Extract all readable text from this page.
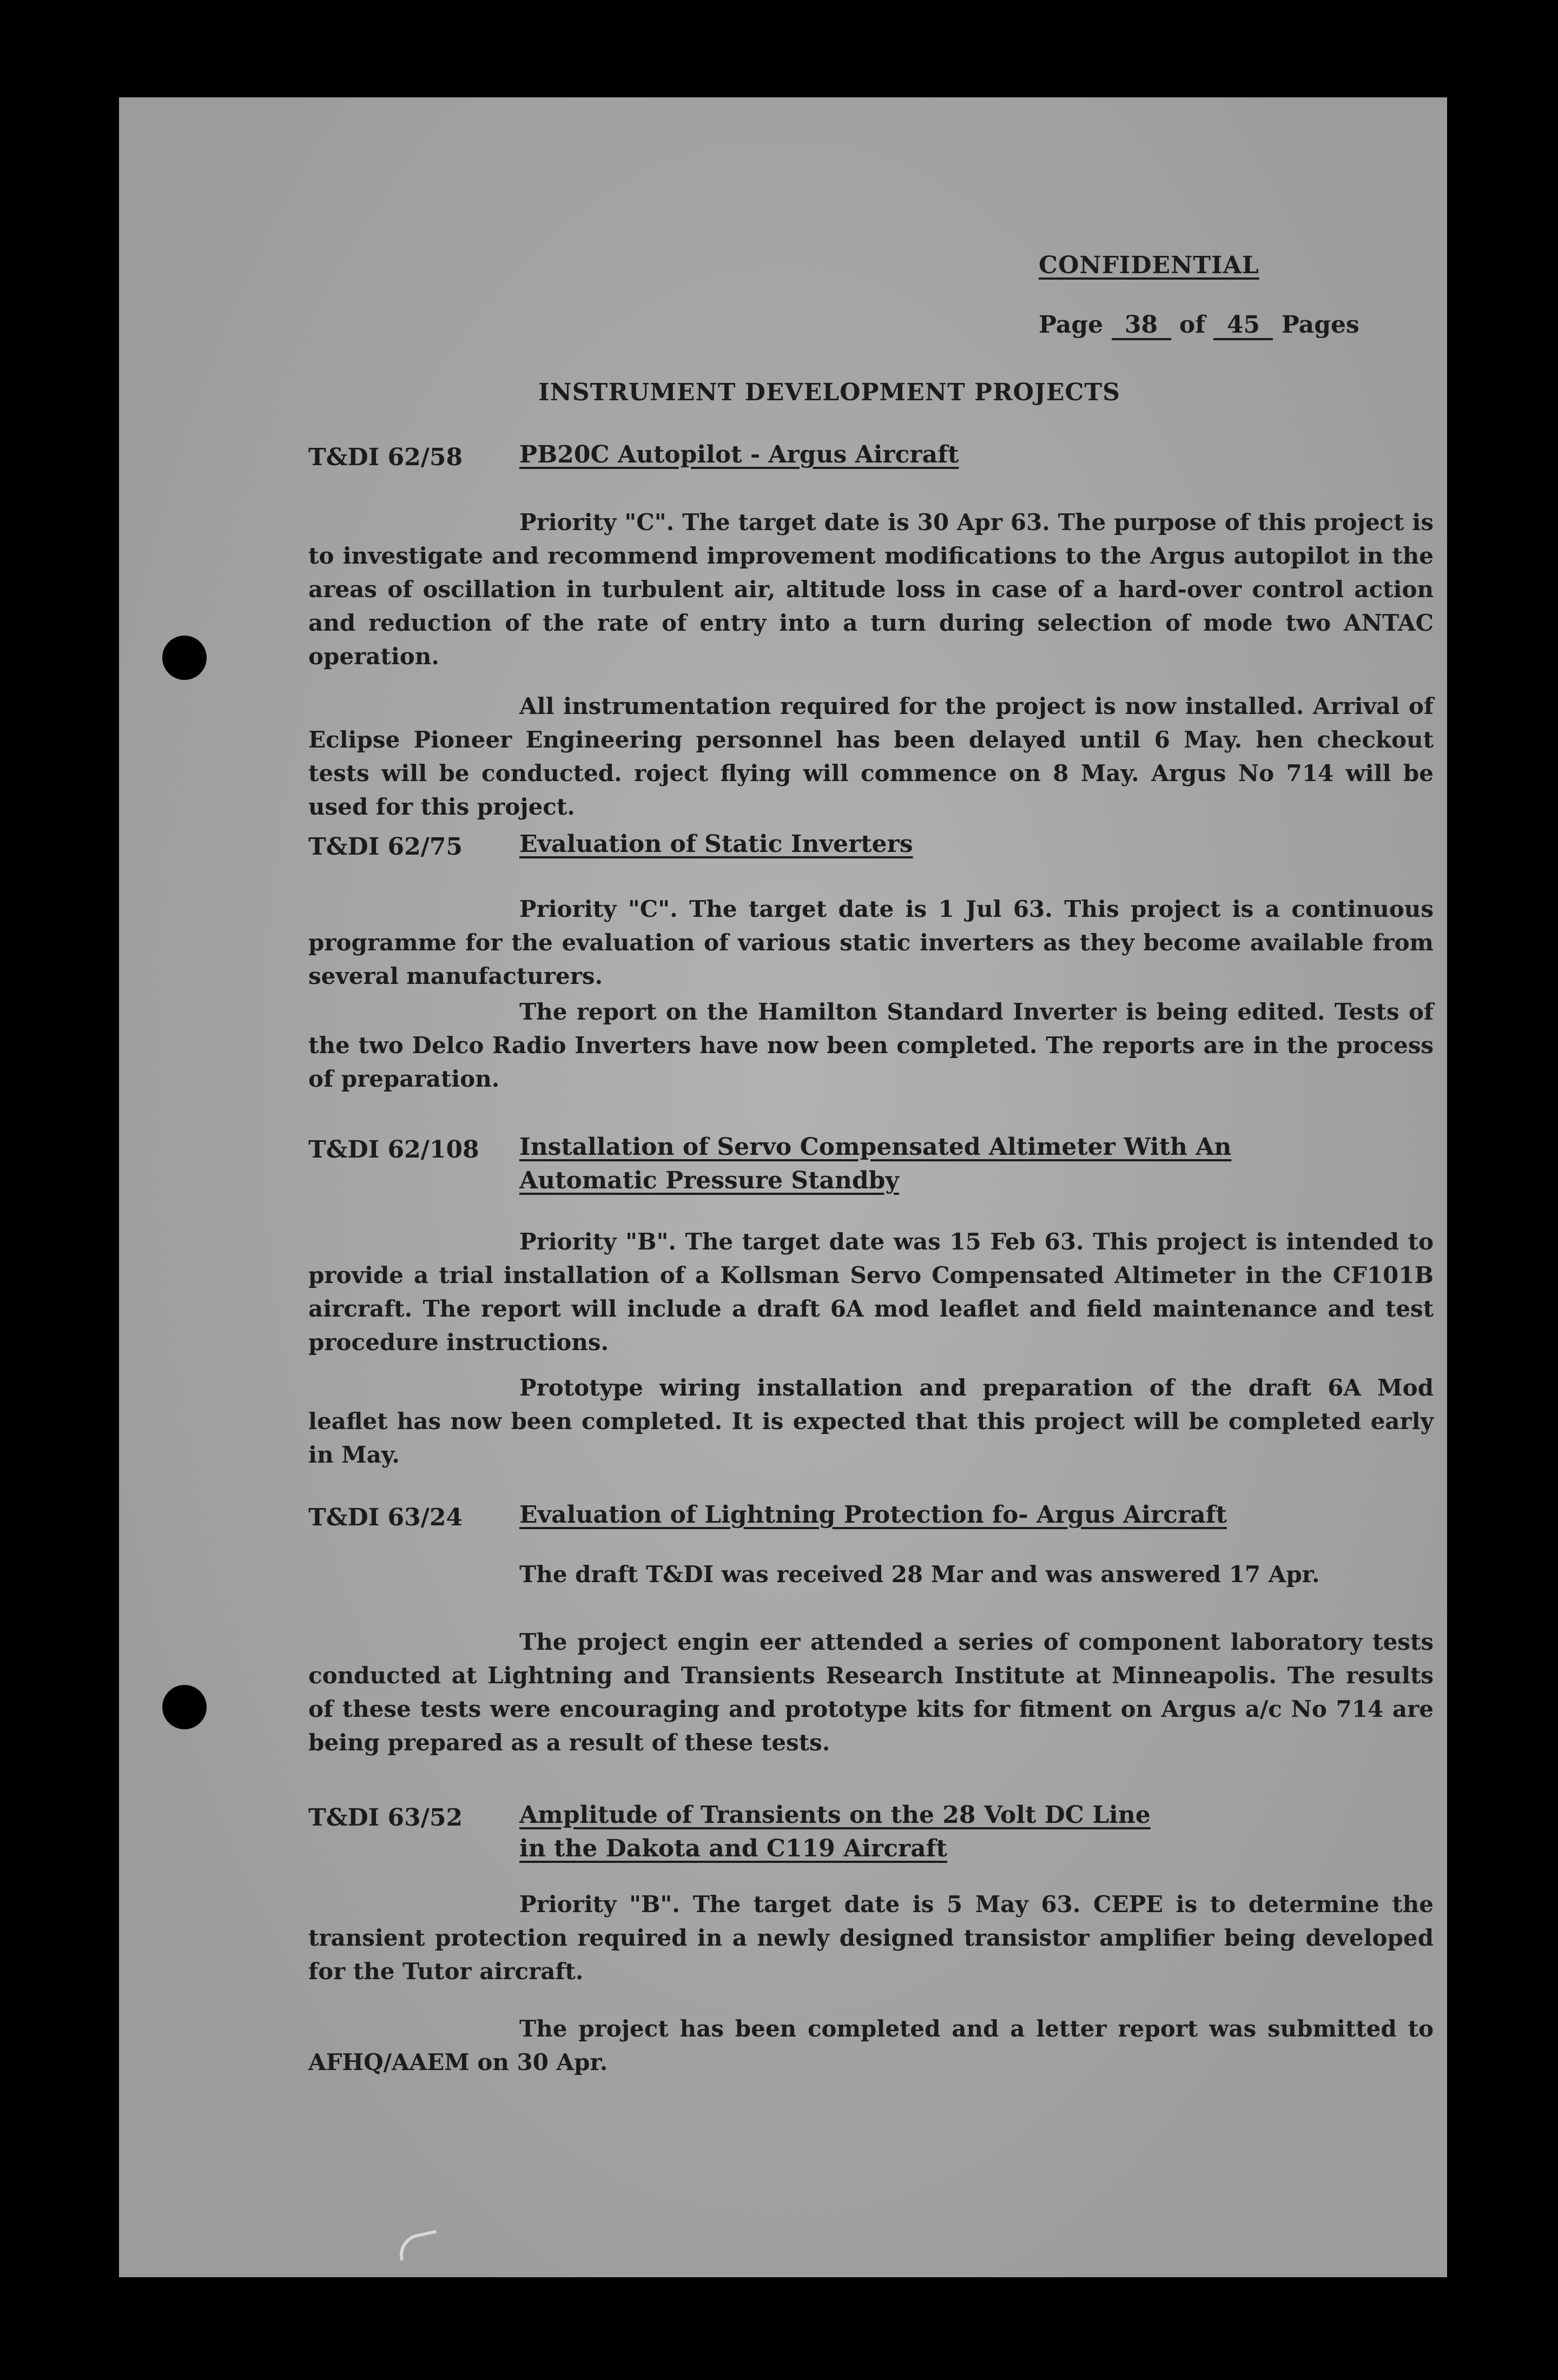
CONFIDENTIAL
Page 38 of 45 Pages
INSTRUMENT DEVELOPMENT PROJECTS
T&DI 62/58 PB20C Autopilot - Argus Aircraft
Priority "C". The target date is 30 Apr 63. The purpose of this project is to investigate and recommend improvement modifications to the Argus autopilot in the areas of oscillation in turbulent air, altitude loss in case of a hard-over control action and reduction of the rate of entry into a turn during selection of mode two ANTAC operation.
All instrumentation required for the project is now installed. Arrival of Eclipse Pioneer Engineering personnel has been delayed until 6 May. hen checkout tests will be conducted. roject flying will commence on 8 May. Argus No 714 will be used for this project.
T&DI 62/75 Evaluation of Static Inverters
Priority "C". The target date is 1 Jul 63. This project is a continuous programme for the evaluation of various static inverters as they become available from several manufacturers.
The report on the Hamilton Standard Inverter is being edited. Tests of the two Delco Radio Inverters have now been completed. The reports are in the process of preparation.
T&DI 62/108 Installation of Servo Compensated Altimeter With An
Automatic Pressure Standby
Priority "B". The target date was 15 Feb 63. This project is intended to provide a trial installation of a Kollsman Servo Compensated Altimeter in the CF101B aircraft. The report will include a draft 6A mod leaflet and field maintenance and test procedure instructions.
Prototype wiring installation and preparation of the draft 6A Mod leaflet has now been completed. It is expected that this project will be completed early in May.
T&DI 63/24 Evaluation of Lightning Protection fo- Argus Aircraft
The draft T&DI was received 28 Mar and was answered 17 Apr.
The project engin eer attended a series of component laboratory tests conducted at Lightning and Transients Research Institute at Minneapolis. The results of these tests were encouraging and prototype kits for fitment on Argus a/c No 714 are being prepared as a result of these tests.
T&DI 63/52 Amplitude of Transients on the 28 Volt DC Line
in the Dakota and C119 Aircraft
Priority "B". The target date is 5 May 63. CEPE is to determine the transient protection required in a newly designed transistor amplifier being developed for the Tutor aircraft.
The project has been completed and a letter report was submitted to AFHQ/AAEM on 30 Apr.
